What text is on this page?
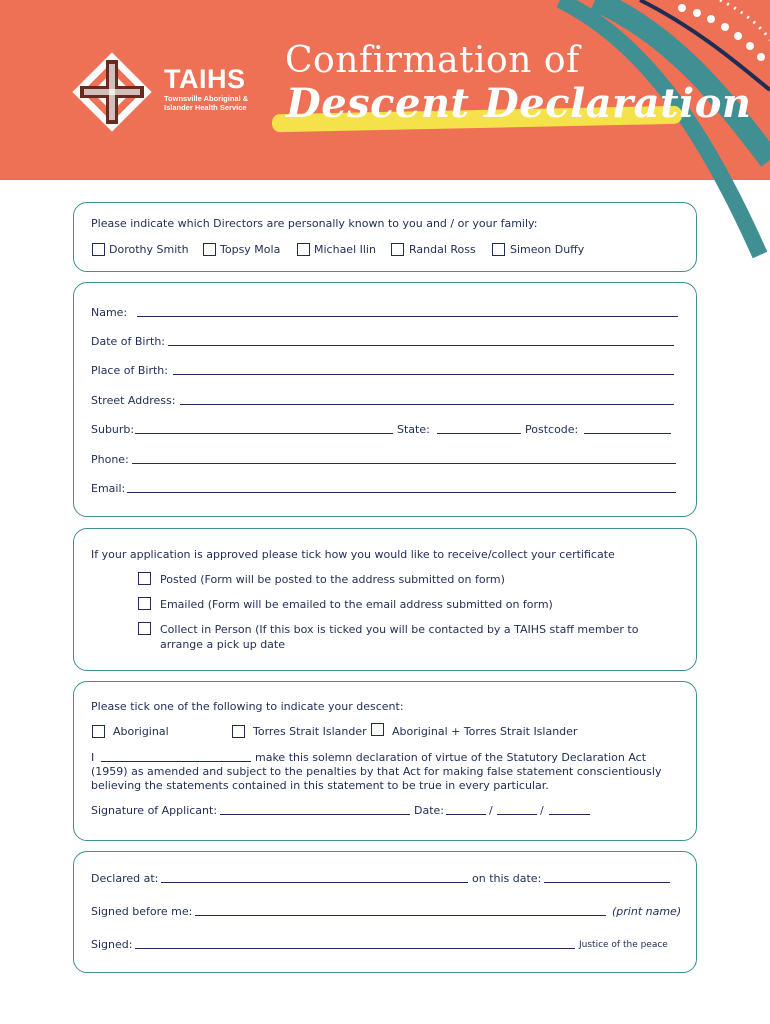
TAIHS
Townsville Aboriginal & Islander Health Service
Confirmation of
Descent Declaration
Please indicate which Directors are personally known to you and / or your family:
Dorothy Smith	Topsy Mola	Michael Ilin	Randal Ross	Simeon Duffy
Name:
Date of Birth:
Place of Birth:
Street Address:
Suburb:	State:	Postcode:
Phone:
Email:
If your application is approved please tick how you would like to receive/collect your certificate
Posted (Form will be posted to the address submitted on form)
Emailed (Form will be emailed to the email address submitted on form)
Collect in Person (If this box is ticked you will be contacted by a TAIHS staff member to
arrange a pick up date
Please tick one of the following to indicate your descent:
Aboriginal	Torres Strait Islander Aboriginal + Torres Strait Islander
I	make this solemn declaration of virtue of the Statutory Declaration Act
(1959) as amended and subject to the penalties by that Act for making false statement conscientiously
believing the statements contained in this statement to be true in every particular.
Signature of Applicant:	Date:	/	/
Declared at:	on this date:
Signed before me:	(print name)
Signed:	Justice of the peace
